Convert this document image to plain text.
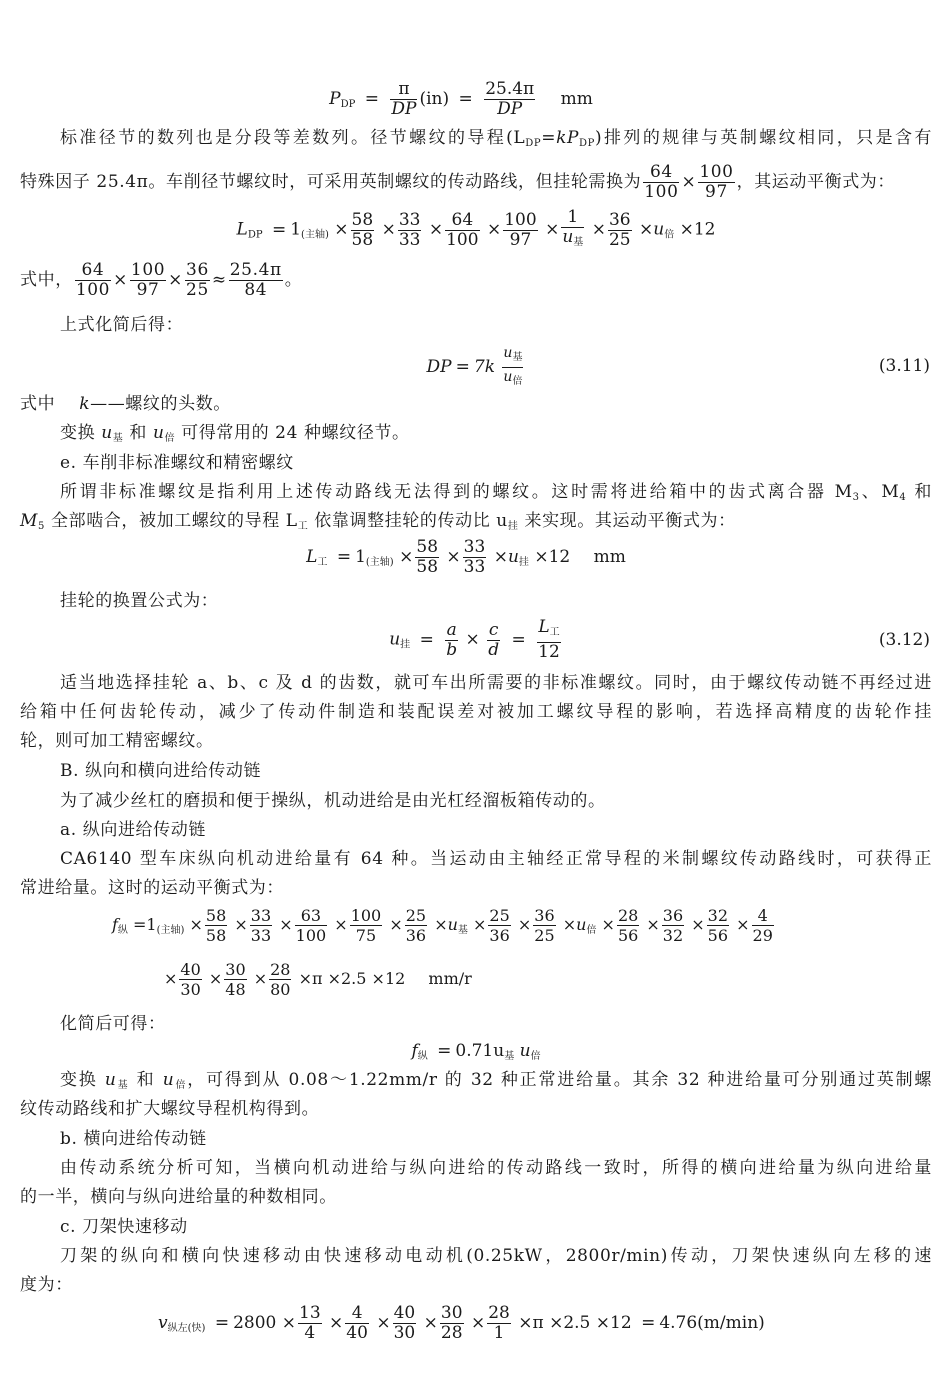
$P_{DP} = \frac{\pi}{DP} (in) = \frac{25.4\pi}{DP}$ mm
标准径节的数列也是分段等差数列。径节螺纹的导程$(L_{DP}=kP_{DP})$排列的规律与英制螺纹相同，只是含有
特殊因子 25.4π。车削径节螺纹时，可采用英制螺纹的传动路线，但挂轮需换为 $\frac{64}{100} \times \frac{100}{97}$ ，其运动平衡式为：
$L_{DP} = 1$(主轴) × $\frac{58}{58} \times \frac{33}{33} \times \frac{64}{100} \times \frac{100}{97} \times \frac{1}{u_基} \times \frac{36}{25} \times u_倍 \times 12$
式中， $\frac{64}{100} \times \frac{100}{97} \times \frac{36}{25} \approx \frac{25.4\pi}{84}$ 。
上式化简后得：
DP = $7k \frac{u_基}{u_倍}$	(3.11)
式中 k——螺纹的头数。
变换 $u_基$ 和 $u_倍$ 可得常用的 24 种螺纹径节。
e. 车削非标准螺纹和精密螺纹
所谓非标准螺纹是指利用上述传动路线无法得到的螺纹。这时需将进给箱中的齿式离合器 $M_3$、$M_4$ 和
$M_5$ 全部啮合，被加工螺纹的导程 $L_工$ 依靠调整挂轮的传动比 $u_挂$ 来实现。其运动平衡式为：
$L_工 = 1$(主轴) × $\frac{58}{58} \times \frac{33}{33} \times u_挂 \times 12$ mm
挂轮的换置公式为：
$u_挂 = \frac{a}{b} \times \frac{c}{d} = \frac{L_工}{12}$	(3.12)
适当地选择挂轮 a、b、c 及 d 的齿数，就可车出所需要的非标准螺纹。同时，由于螺纹传动链不再经过进
给箱中任何齿轮传动，减少了传动件制造和装配误差对被加工螺纹导程的影响，若选择高精度的齿轮作挂
轮，则可加工精密螺纹。
B. 纵向和横向进给传动链
为了减少丝杠的磨损和便于操纵，机动进给是由光杠经溜板箱传动的。
a. 纵向进给传动链
CA6140 型车床纵向机动进给量有 64 种。当运动由主轴经正常导程的米制螺纹传动路线时，可获得正
常进给量。这时的运动平衡式为：
$f_纵 =1$(主轴) × $\frac{58}{58} \times \frac{33}{33} \times \frac{63}{100} \times \frac{100}{75} \times \frac{25}{36} \times u_基 \times \frac{25}{36} \times \frac{36}{25} \times u_倍 \times \frac{28}{56} \times \frac{36}{32} \times \frac{32}{56} \times \frac{4}{29}$
× $\frac{40}{30} \times \frac{30}{48} \times \frac{28}{80} \times\pi \times 2.5 \times 12$ mm/r
化简后可得：
$f_纵 = 0.71u_基$ $u_倍$
变换 $u_基$ 和 $u_倍$，可得到从 0.08～1.22mm/r 的 32 种正常进给量。其余 32 种进给量可分别通过英制螺
纹传动路线和扩大螺纹导程机构得到。
b. 横向进给传动链
由传动系统分析可知，当横向机动进给与纵向进给的传动路线一致时，所得的横向进给量为纵向进给量
的一半，横向与纵向进给量的种数相同。
c. 刀架快速移动
刀架的纵向和横向快速移动由快速移动电动机(0.25kW，2800r/min)传动，刀架快速纵向左移的速
度为：
$v_{纵左(快)} = 2800 \times \frac{13}{4} \times \frac{4}{40} \times \frac{40}{30} \times \frac{30}{28} \times \frac{28}{1} \times\pi \times 2.5 \times 12 = 4.76(m/\min)$
